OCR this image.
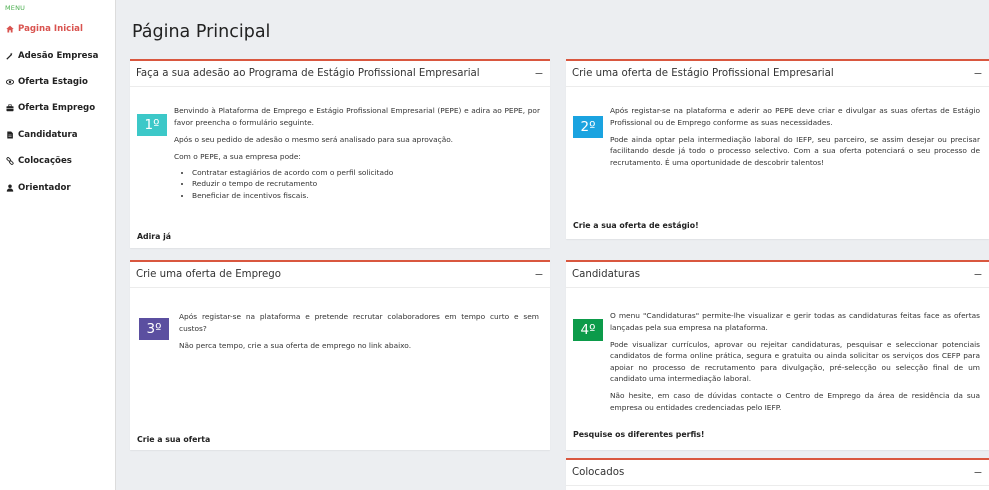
MENU
Pagina Inicial
Adesão Empresa
Oferta Estagio
Oferta Emprego
Candidatura
Colocações
Orientador
Página Principal
Faça a sua adesão ao Programa de Estágio Profissional Empresarial	−
1º

Benvindo à Plataforma de Emprego e Estágio Profissional Empresarial (PEPE) e adira ao PEPE, por favor preencha o formulário seguinte.

Após o seu pedido de adesão o mesmo será analisado para sua aprovação.

Com o PEPE, a sua empresa pode:

• Contratar estagiários de acordo com o perfil solicitado
• Reduzir o tempo de recrutamento
• Beneficiar de incentivos fiscais.
Adira já
Crie uma oferta de Estágio Profissional Empresarial	−
2º

Após registar-se na plataforma e aderir ao PEPE deve criar e divulgar as suas ofertas de Estágio Profissional ou de Emprego conforme as suas necessidades.

Pode ainda optar pela intermediação laboral do IEFP, seu parceiro, se assim desejar ou precisar facilitando desde já todo o processo selectivo. Com a sua oferta potenciará o seu processo de recrutamento. É uma oportunidade de descobrir talentos!

Crie a sua oferta de estágio!
Crie uma oferta de Emprego	−
3º

Após registar-se na plataforma e pretende recrutar colaboradores em tempo curto e sem custos?

Não perca tempo, crie a sua oferta de emprego no link abaixo.

Crie a sua oferta
Candidaturas	−
4º

O menu "Candidaturas" permite-lhe visualizar e gerir todas as candidaturas feitas face as ofertas lançadas pela sua empresa na plataforma.

Pode visualizar currículos, aprovar ou rejeitar candidaturas, pesquisar e seleccionar potenciais candidatos de forma online prática, segura e gratuita ou ainda solicitar os serviços dos CEFP para apoiar no processo de recrutamento para divulgação, pré-selecção ou selecção final de um candidato uma intermediação laboral.

Não hesite, em caso de dúvidas contacte o Centro de Emprego da área de residência da sua empresa ou entidades credenciadas pelo IEFP.

Pesquise os diferentes perfis!
Colocados	−
